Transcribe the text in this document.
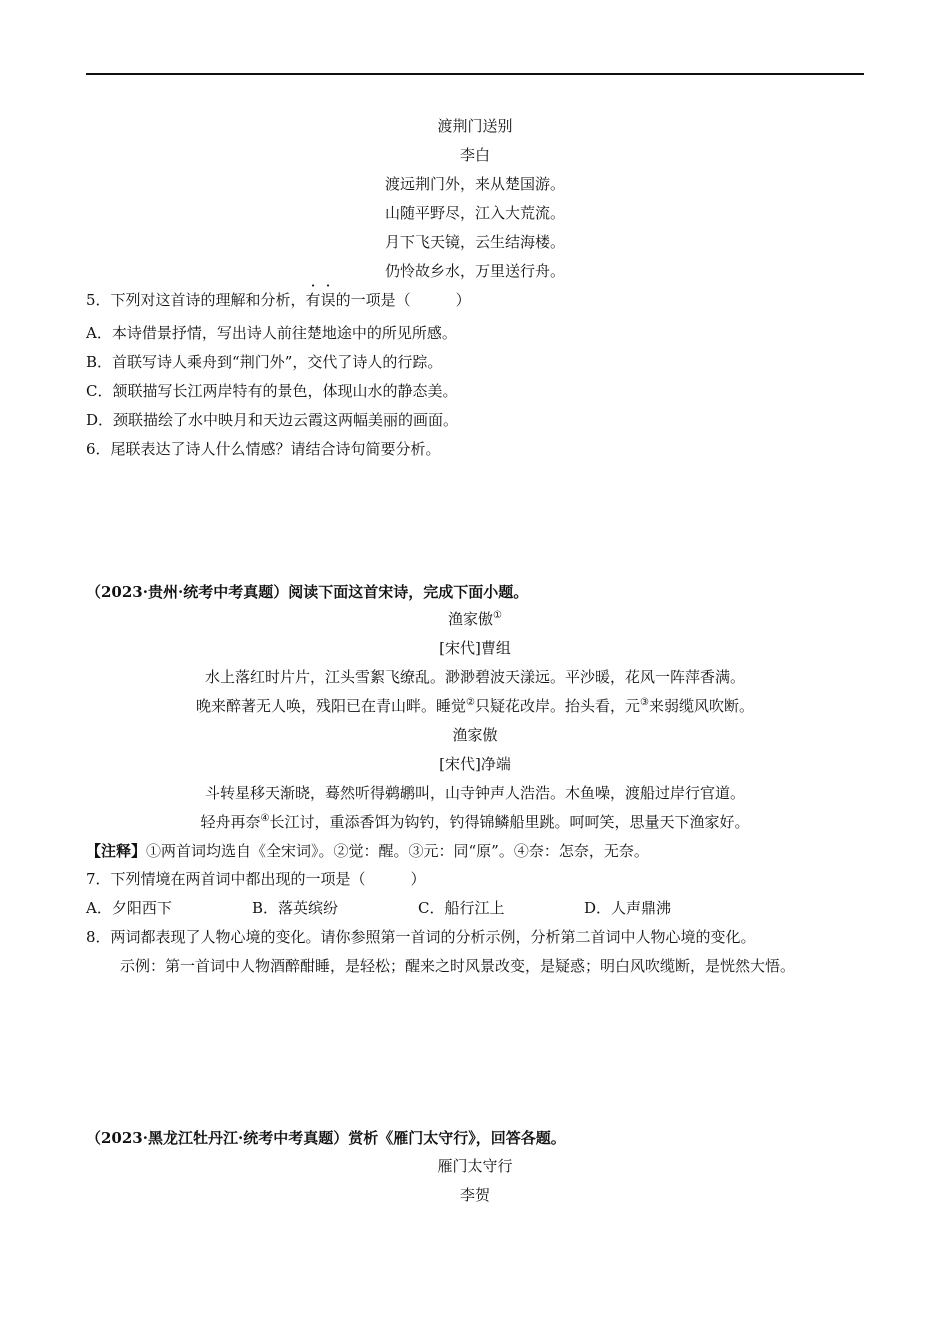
渡荆门送别
李白
渡远荆门外，来从楚国游。
山随平野尽，江入大荒流。
月下飞天镜，云生结海楼。
仍怜故乡水，万里送行舟。
5．下列对这首诗的理解和分析，有误的一项是（　　　）
A．本诗借景抒情，写出诗人前往楚地途中的所见所感。
B．首联写诗人乘舟到“荆门外”，交代了诗人的行踪。
C．颔联描写长江两岸特有的景色，体现山水的静态美。
D．颈联描绘了水中映月和天边云霞这两幅美丽的画面。
6．尾联表达了诗人什么情感？请结合诗句简要分析。
（2023·贵州·统考中考真题）阅读下面这首宋诗，完成下面小题。
渔家傲①
[宋代]曹组
水上落红时片片，江头雪絮飞缭乱。渺渺碧波天漾远。平沙暖，花风一阵萍香满。
晚来醉著无人唤，残阳已在青山畔。睡觉②只疑花改岸。抬头看，元③来弱缆风吹断。
渔家傲
[宋代]净端
斗转星移天渐晓，蓦然听得鹈鹕叫，山寺钟声人浩浩。木鱼噪，渡船过岸行官道。
轻舟再奈④长江讨，重添香饵为钩钓，钓得锦鳞船里跳。呵呵笑，思量天下渔家好。
【注释】①两首词均选自《全宋词》。②觉：醒。③元：同“原”。④奈：怎奈，无奈。
7．下列情境在两首词中都出现的一项是（　　　）
A．夕阳西下	B．落英缤纷	C．船行江上	D．人声鼎沸
8．两词都表现了人物心境的变化。请你参照第一首词的分析示例，分析第二首词中人物心境的变化。
示例：第一首词中人物酒醉酣睡，是轻松；醒来之时风景改变，是疑惑；明白风吹缆断，是恍然大悟。
（2023·黑龙江牡丹江·统考中考真题）赏析《雁门太守行》，回答各题。
雁门太守行
李贺
